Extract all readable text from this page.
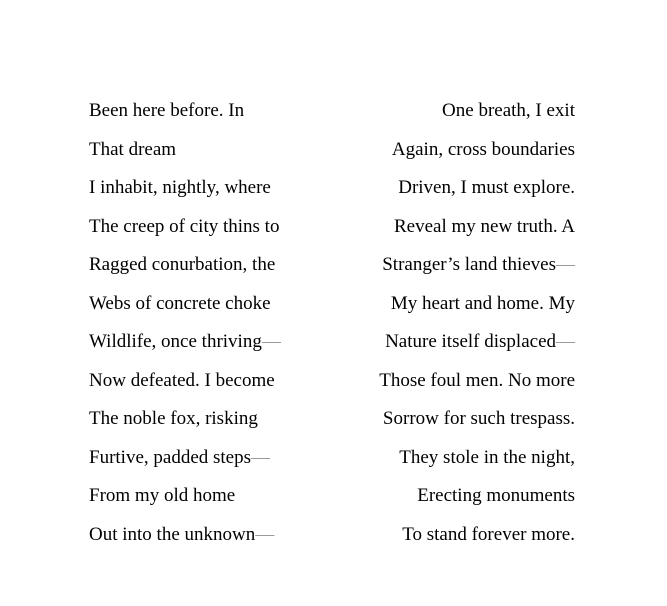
Been here before. In
That dream
I inhabit, nightly, where
The creep of city thins to
Ragged conurbation, the
Webs of concrete choke
Wildlife, once thriving—
Now defeated. I become
The noble fox, risking
Furtive, padded steps—
From my old home
Out into the unknown—
One breath, I exit
Again, cross boundaries
Driven, I must explore.
Reveal my new truth. A
Stranger’s land thieves—
My heart and home. My
Nature itself displaced—
Those foul men. No more
Sorrow for such trespass.
They stole in the night,
Erecting monuments
To stand forever more.
